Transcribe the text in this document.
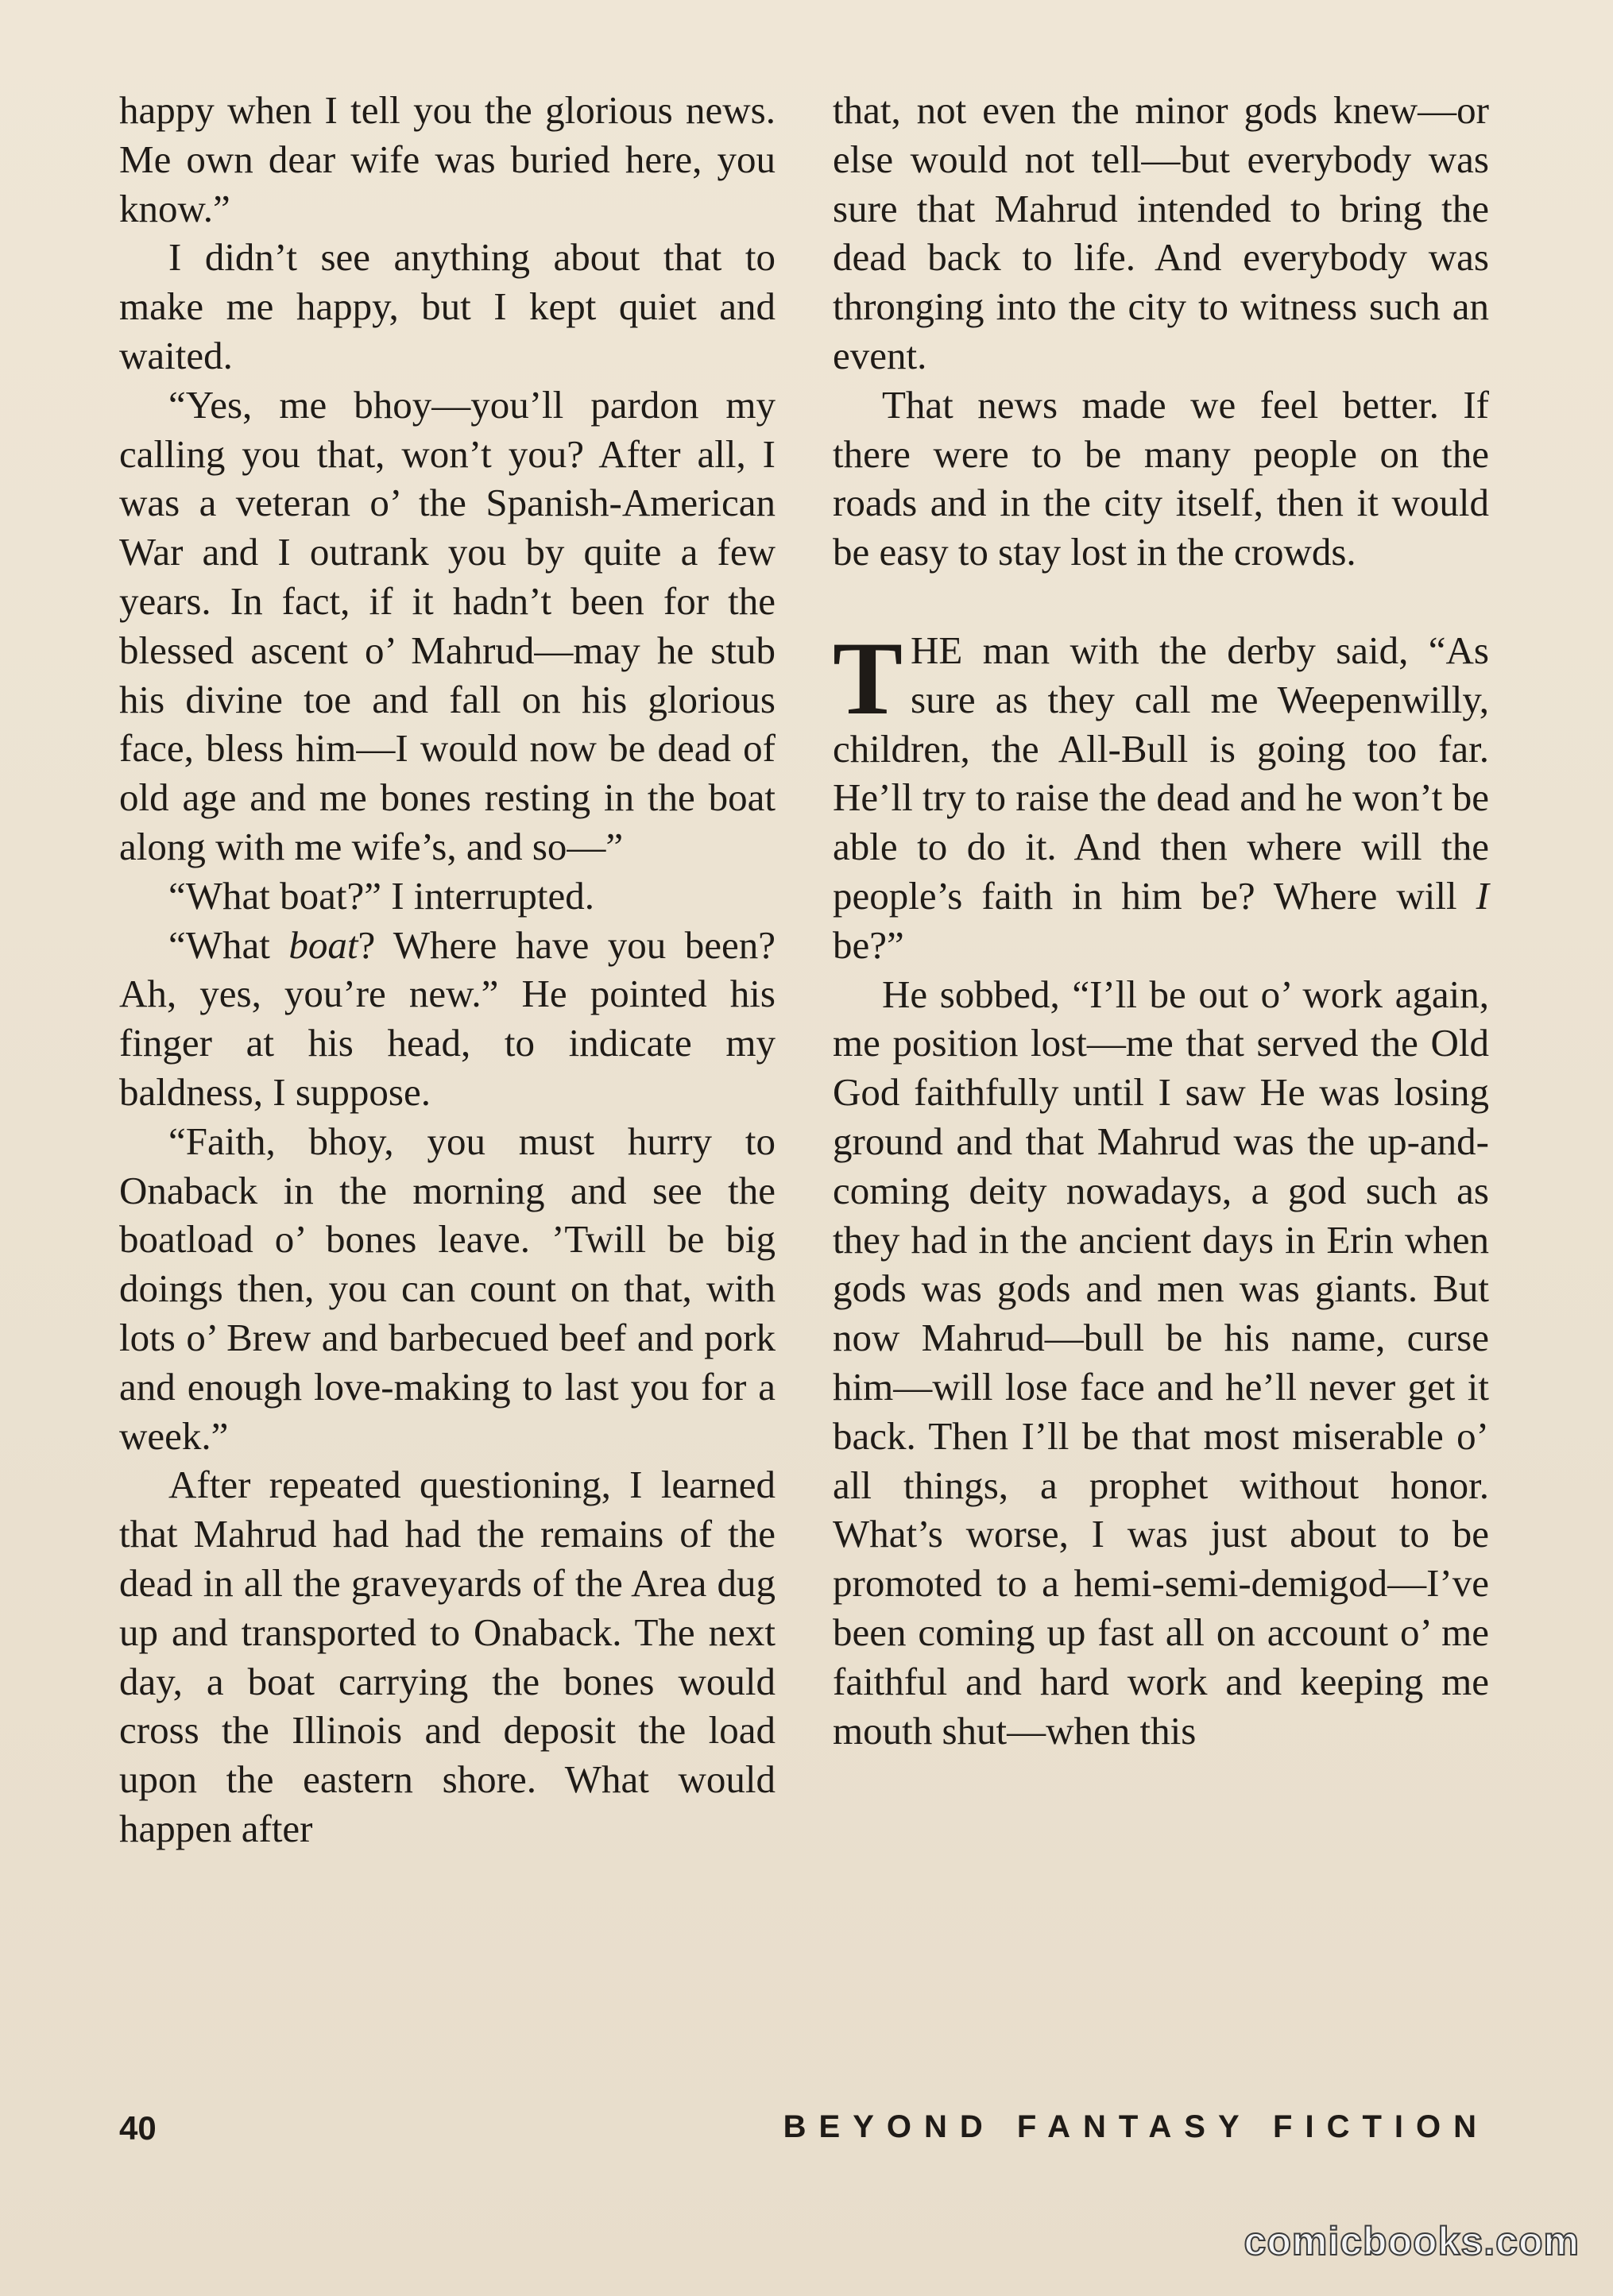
happy when I tell you the glorious news. Me own dear wife was buried here, you know.”

I didn’t see anything about that to make me happy, but I kept quiet and waited.

“Yes, me bhoy—you’ll pardon my calling you that, won’t you? After all, I was a veteran o’ the Spanish-American War and I outrank you by quite a few years. In fact, if it hadn’t been for the blessed ascent o’ Mahrud—may he stub his divine toe and fall on his glorious face, bless him—I would now be dead of old age and me bones resting in the boat along with me wife’s, and so—”

“What boat?” I interrupted.

“What boat? Where have you been? Ah, yes, you’re new.” He pointed his finger at his head, to indicate my baldness, I suppose.

“Faith, bhoy, you must hurry to Onaback in the morning and see the boatload o’ bones leave. ’Twill be big doings then, you can count on that, with lots o’ Brew and barbecued beef and pork and enough love-making to last you for a week.”

After repeated questioning, I learned that Mahrud had had the remains of the dead in all the graveyards of the Area dug up and transported to Onaback. The next day, a boat carrying the bones would cross the Illinois and deposit the load upon the eastern shore. What would happen after

that, not even the minor gods knew—or else would not tell—but everybody was sure that Mahrud intended to bring the dead back to life. And everybody was thronging into the city to witness such an event.

That news made we feel better. If there were to be many people on the roads and in the city itself, then it would be easy to stay lost in the crowds.

THE man with the derby said, “As sure as they call me Weepenwilly, children, the All-Bull is going too far. He’ll try to raise the dead and he won’t be able to do it. And then where will the people’s faith in him be? Where will I be?”

He sobbed, “I’ll be out o’ work again, me position lost—me that served the Old God faithfully until I saw He was losing ground and that Mahrud was the up-and-coming deity nowadays, a god such as they had in the ancient days in Erin when gods was gods and men was giants. But now Mahrud—bull be his name, curse him—will lose face and he’ll never get it back. Then I’ll be that most miserable o’ all things, a prophet without honor. What’s worse, I was just about to be promoted to a hemi-semi-demigod—I’ve been coming up fast all on account o’ me faithful and hard work and keeping me mouth shut—when this

40	BEYOND FANTASY FICTION
comicbooks.com
